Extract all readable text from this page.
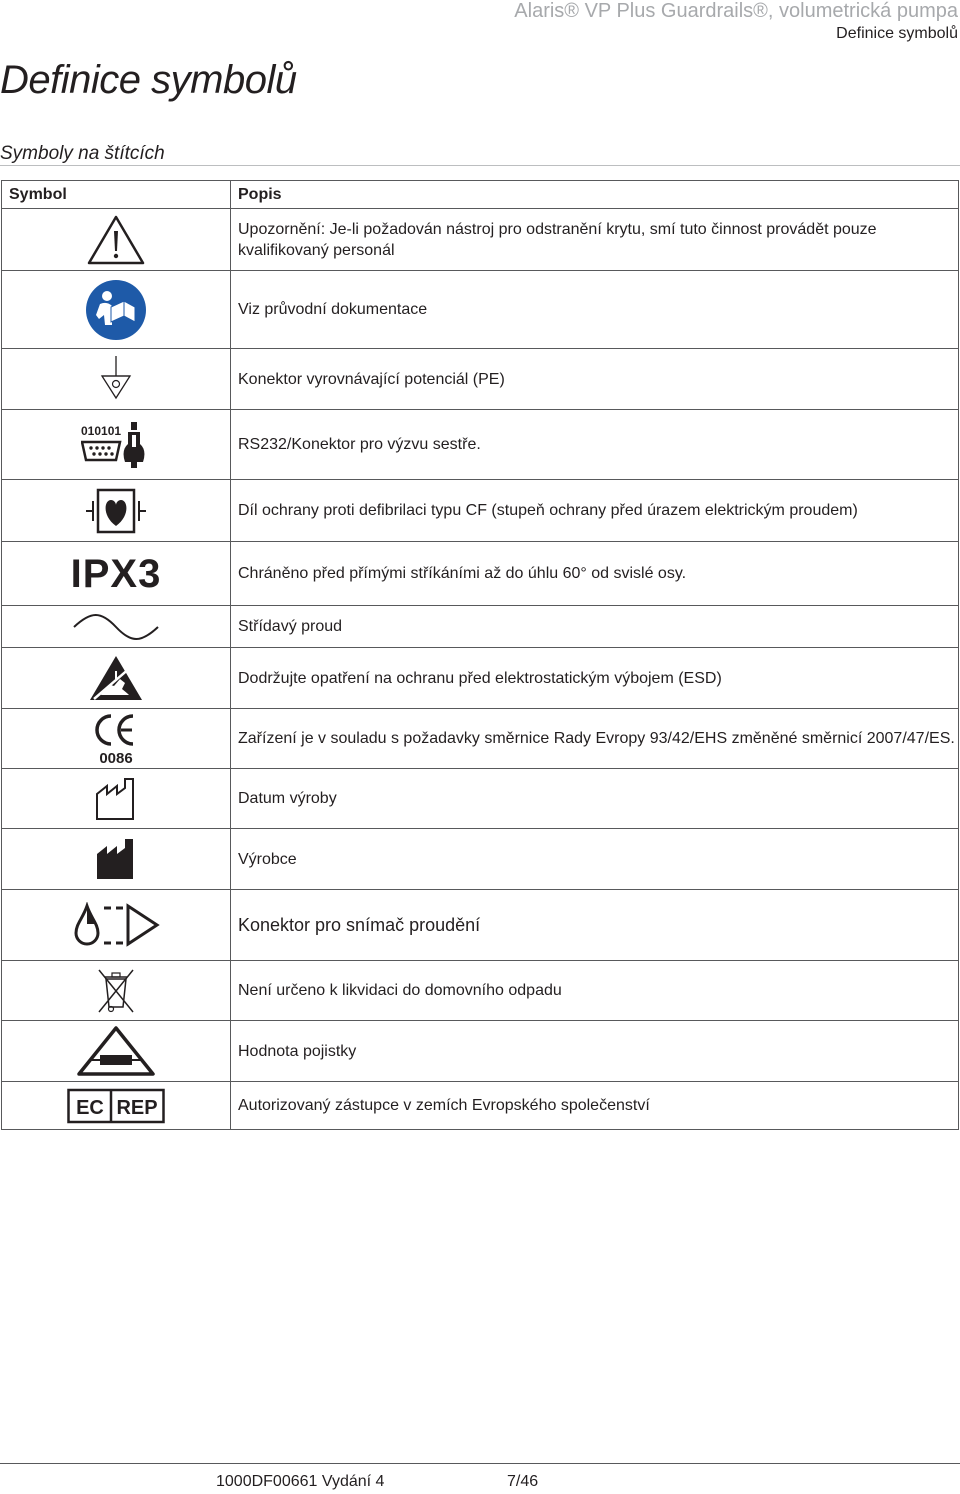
Alaris® VP Plus Guardrails®, volumetrická pumpa
Definice symbolů
Definice symbolů
Symboly na štítcích
Symbol	Popis

	Upozornění: Je-li požadován nástroj pro odstranění krytu, smí tuto činnost provádět pouze kvalifikovaný personál

	Viz průvodní dokumentace

	Konektor vyrovnávající potenciál (PE)

010101	RS232/Konektor pro výzvu sestře.

	Díl ochrany proti defibrilaci typu CF (stupeň ochrany před úrazem elektrickým proudem)

IPX3	Chráněno před přímými stříkáními až do úhlu 60° od svislé osy.

	Střídavý proud

	Dodržujte opatření na ochranu před elektrostatickým výbojem (ESD)

0086	Zařízení je v souladu s požadavky směrnice Rady Evropy 93/42/EHS změněné směrnicí 2007/47/ES.

	Datum výroby

	Výrobce

	Konektor pro snímač proudění

	Není určeno k likvidaci do domovního odpadu

	Hodnota pojistky

EC REP	Autorizovaný zástupce v zemích Evropského společenství
1000DF00661 Vydání 4	7/46
